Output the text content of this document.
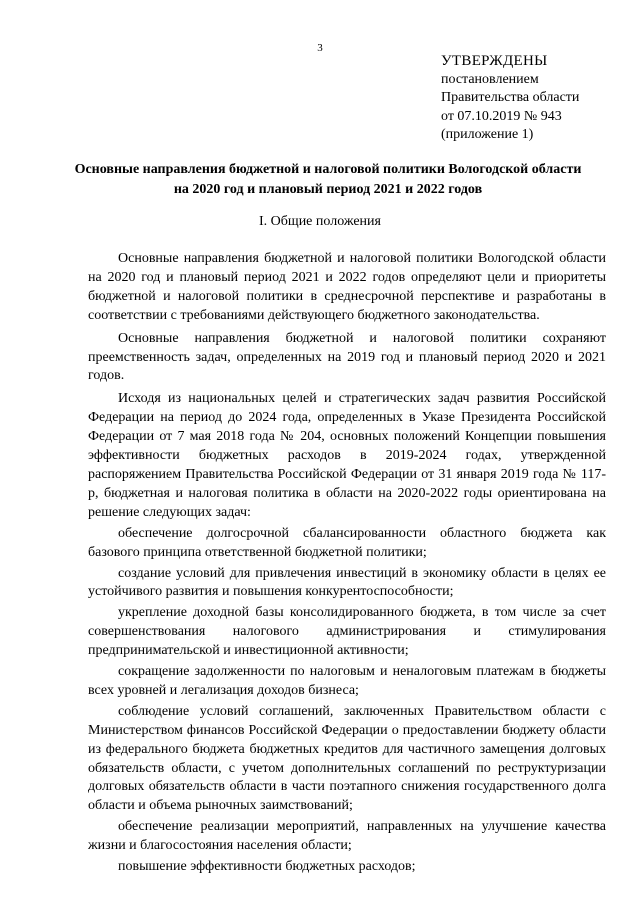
3
УТВЕРЖДЕНЫ
постановлением
Правительства области
от 07.10.2019 № 943
(приложение 1)
Основные направления бюджетной и налоговой политики Вологодской области на 2020 год и плановый период 2021 и 2022 годов
I. Общие положения

Основные направления бюджетной и налоговой политики Вологодской области на 2020 год и плановый период 2021 и 2022 годов определяют цели и приоритеты бюджетной и налоговой политики в среднесрочной перспективе и разработаны в соответствии с требованиями действующего бюджетного законодательства.

Основные направления бюджетной и налоговой политики сохраняют преемственность задач, определенных на 2019 год и плановый период 2020 и 2021 годов.

Исходя из национальных целей и стратегических задач развития Российской Федерации на период до 2024 года, определенных в Указе Президента Российской Федерации от 7 мая 2018 года № 204, основных положений Концепции повышения эффективности бюджетных расходов в 2019-2024 годах, утвержденной распоряжением Правительства Российской Федерации от 31 января 2019 года № 117-р, бюджетная и налоговая политика в области на 2020-2022 годы ориентирована на решение следующих задач:

обеспечение долгосрочной сбалансированности областного бюджета как базового принципа ответственной бюджетной политики;

создание условий для привлечения инвестиций в экономику области в целях ее устойчивого развития и повышения конкурентоспособности;

укрепление доходной базы консолидированного бюджета, в том числе за счет совершенствования налогового администрирования и стимулирования предпринимательской и инвестиционной активности;

сокращение задолженности по налоговым и неналоговым платежам в бюджеты всех уровней и легализация доходов бизнеса;

соблюдение условий соглашений, заключенных Правительством области с Министерством финансов Российской Федерации о предоставлении бюджету области из федерального бюджета бюджетных кредитов для частичного замещения долговых обязательств области, с учетом дополнительных соглашений по реструктуризации долговых обязательств области в части поэтапного снижения государственного долга области и объема рыночных заимствований;

обеспечение реализации мероприятий, направленных на улучшение качества жизни и благосостояния населения области;

повышение эффективности бюджетных расходов;
